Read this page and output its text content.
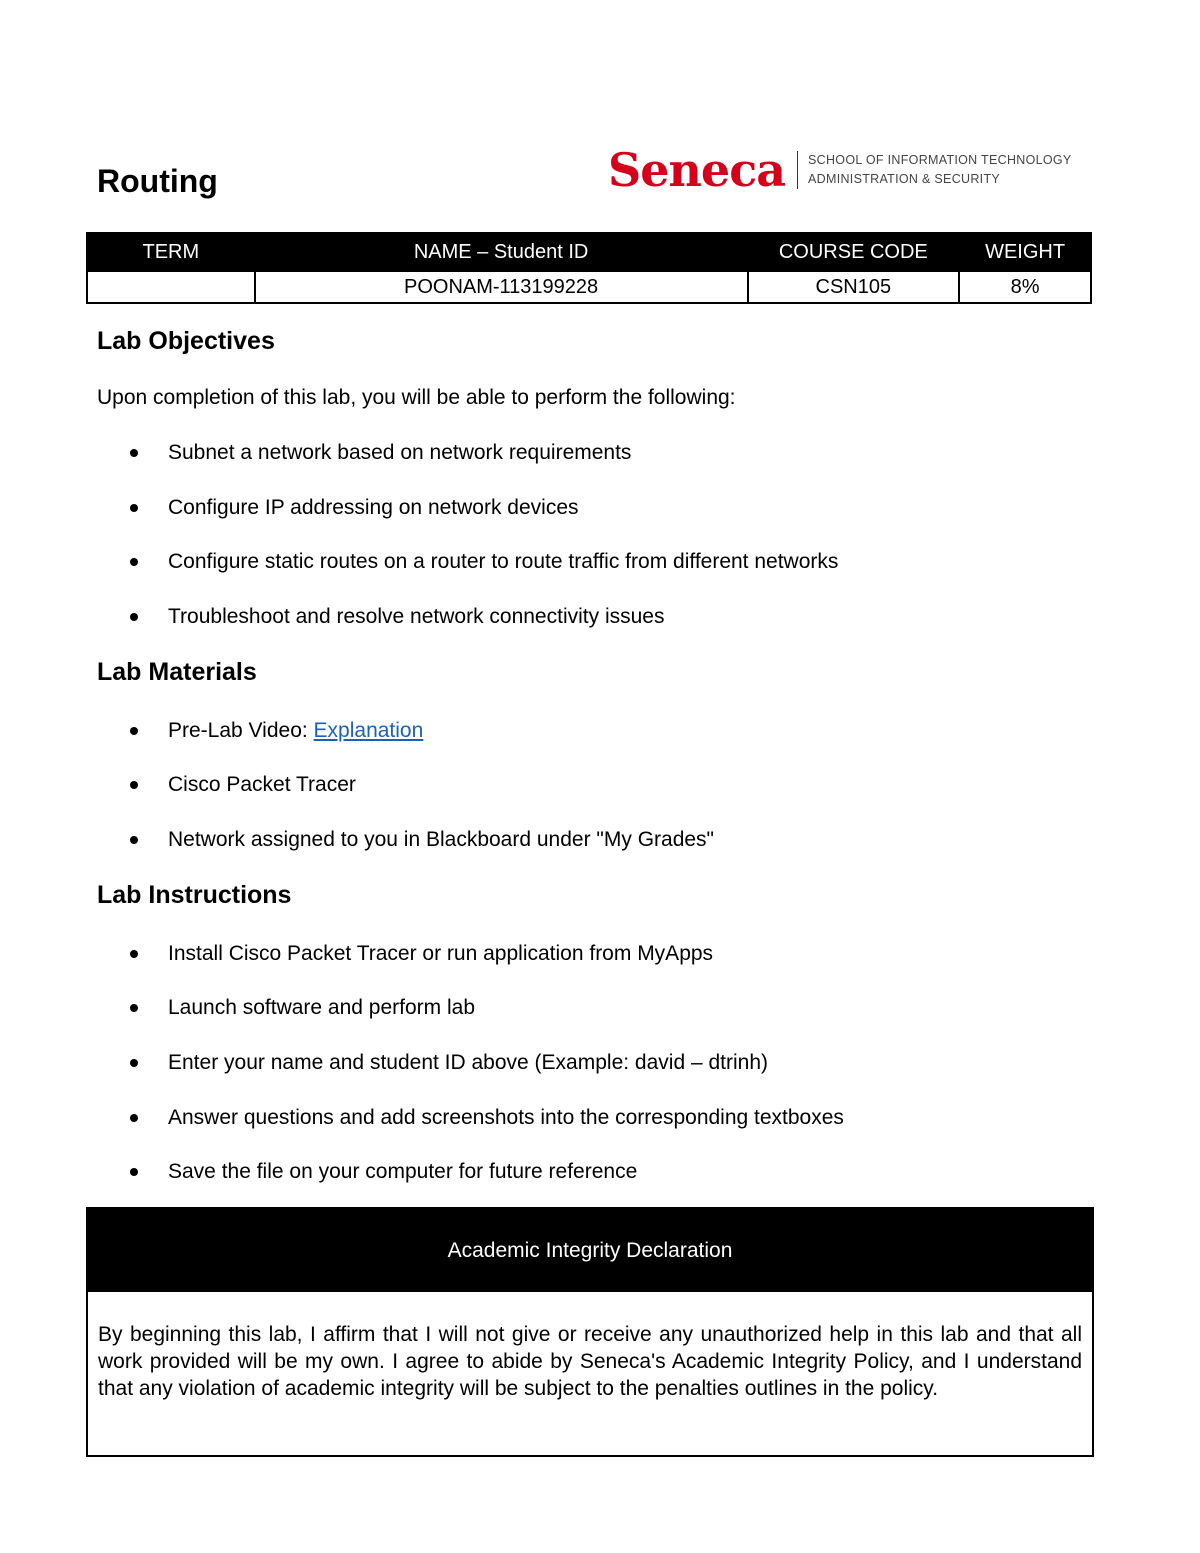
Routing	Seneca SCHOOL OF INFORMATION TECHNOLOGY
ADMINISTRATION & SECURITY
TERM	NAME – Student ID	COURSE CODE	WEIGHT
	POONAM-113199228	CSN105	8%
Lab Objectives

Upon completion of this lab, you will be able to perform the following:

Subnet a network based on network requirements
Configure IP addressing on network devices
Configure static routes on a router to route traffic from different networks
Troubleshoot and resolve network connectivity issues
Lab Materials
Pre-Lab Video: Explanation
Cisco Packet Tracer
Network assigned to you in Blackboard under "My Grades"
Lab Instructions
Install Cisco Packet Tracer or run application from MyApps
Launch software and perform lab
Enter your name and student ID above (Example: david – dtrinh)
Answer questions and add screenshots into the corresponding textboxes
Save the file on your computer for future reference
Academic Integrity Declaration
By beginning this lab, I affirm that I will not give or receive any unauthorized help in this lab and that all work provided will be my own. I agree to abide by Seneca's Academic Integrity Policy, and I understand that any violation of academic integrity will be subject to the penalties outlines in the policy.
